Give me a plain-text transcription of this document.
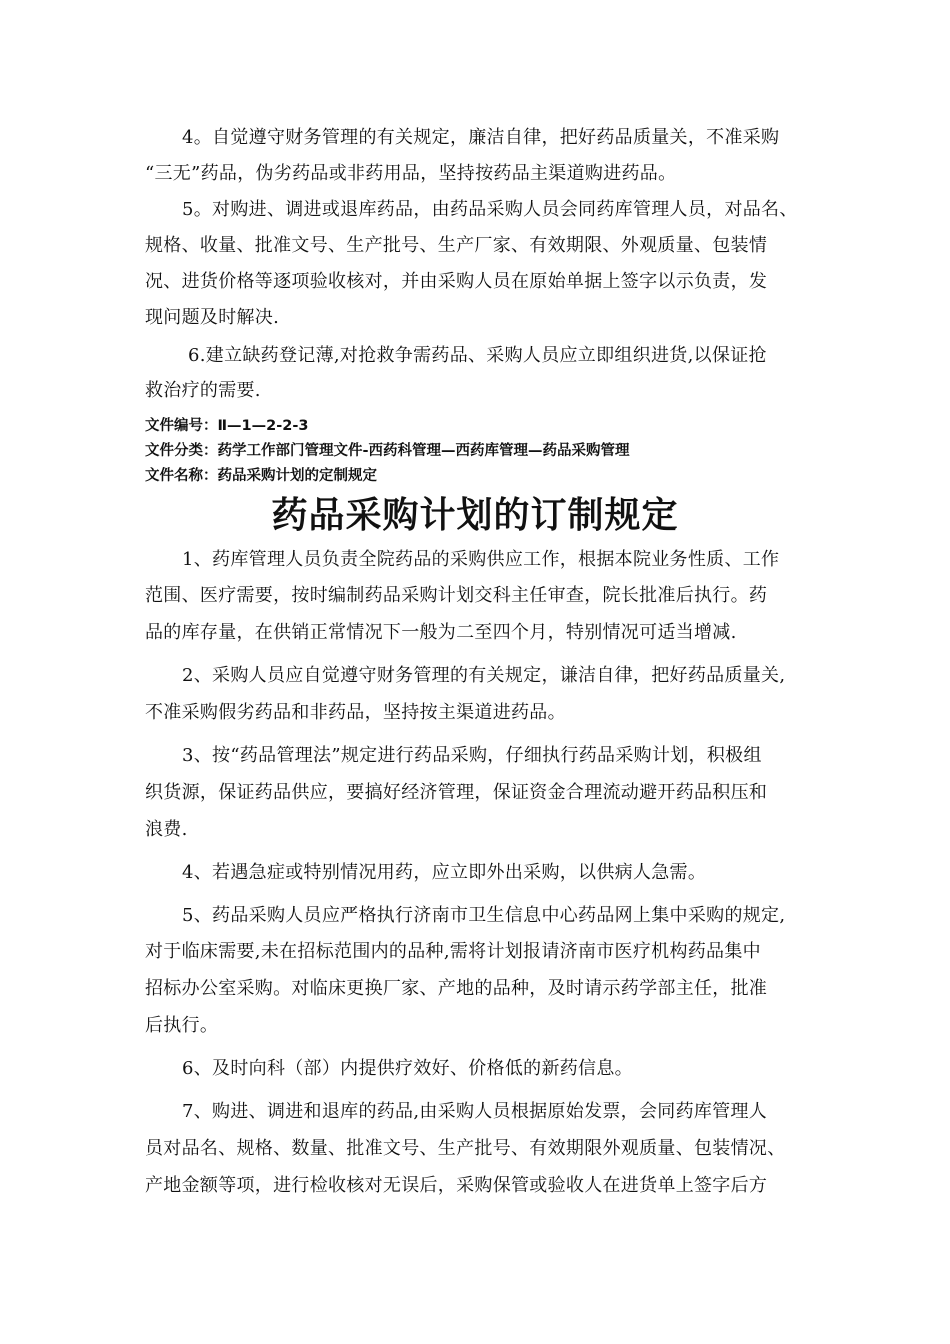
4。自觉遵守财务管理的有关规定，廉洁自律，把好药品质量关，不准采购
“三无”药品，伪劣药品或非药用品，坚持按药品主渠道购进药品。
5。对购进、调进或退库药品，由药品采购人员会同药库管理人员，对品名、
规格、收量、批准文号、生产批号、生产厂家、有效期限、外观质量、包装情
况、进货价格等逐项验收核对，并由采购人员在原始单据上签字以示负责，发
现问题及时解决.
6.建立缺药登记薄,对抢救争需药品、采购人员应立即组织进货,以保证抢
救治疗的需要.
文件编号：Ⅱ—1—2-2-3
文件分类：药学工作部门管理文件-西药科管理—西药库管理—药品采购管理
文件名称：药品采购计划的定制规定
药品采购计划的订制规定
1、药库管理人员负责全院药品的采购供应工作，根据本院业务性质、工作
范围、医疗需要，按时编制药品采购计划交科主任审查，院长批准后执行。药
品的库存量，在供销正常情况下一般为二至四个月，特别情况可适当增减.
2、采购人员应自觉遵守财务管理的有关规定，谦洁自律，把好药品质量关,
不准采购假劣药品和非药品，坚持按主渠道进药品。
3、按“药品管理法”规定进行药品采购，仔细执行药品采购计划，积极组
织货源，保证药品供应，要搞好经济管理，保证资金合理流动避开药品积压和
浪费.
4、若遇急症或特别情况用药，应立即外出采购，以供病人急需。
5、药品采购人员应严格执行济南市卫生信息中心药品网上集中采购的规定,
对于临床需要,未在招标范围内的品种,需将计划报请济南市医疗机构药品集中
招标办公室采购。对临床更换厂家、产地的品种，及时请示药学部主任，批准
后执行。
6、及时向科（部）内提供疗效好、价格低的新药信息。
7、购进、调进和退库的药品,由采购人员根据原始发票，会同药库管理人
员对品名、规格、数量、批准文号、生产批号、有效期限外观质量、包装情况、
产地金额等项，进行检收核对无误后，采购保管或验收人在进货单上签字后方
